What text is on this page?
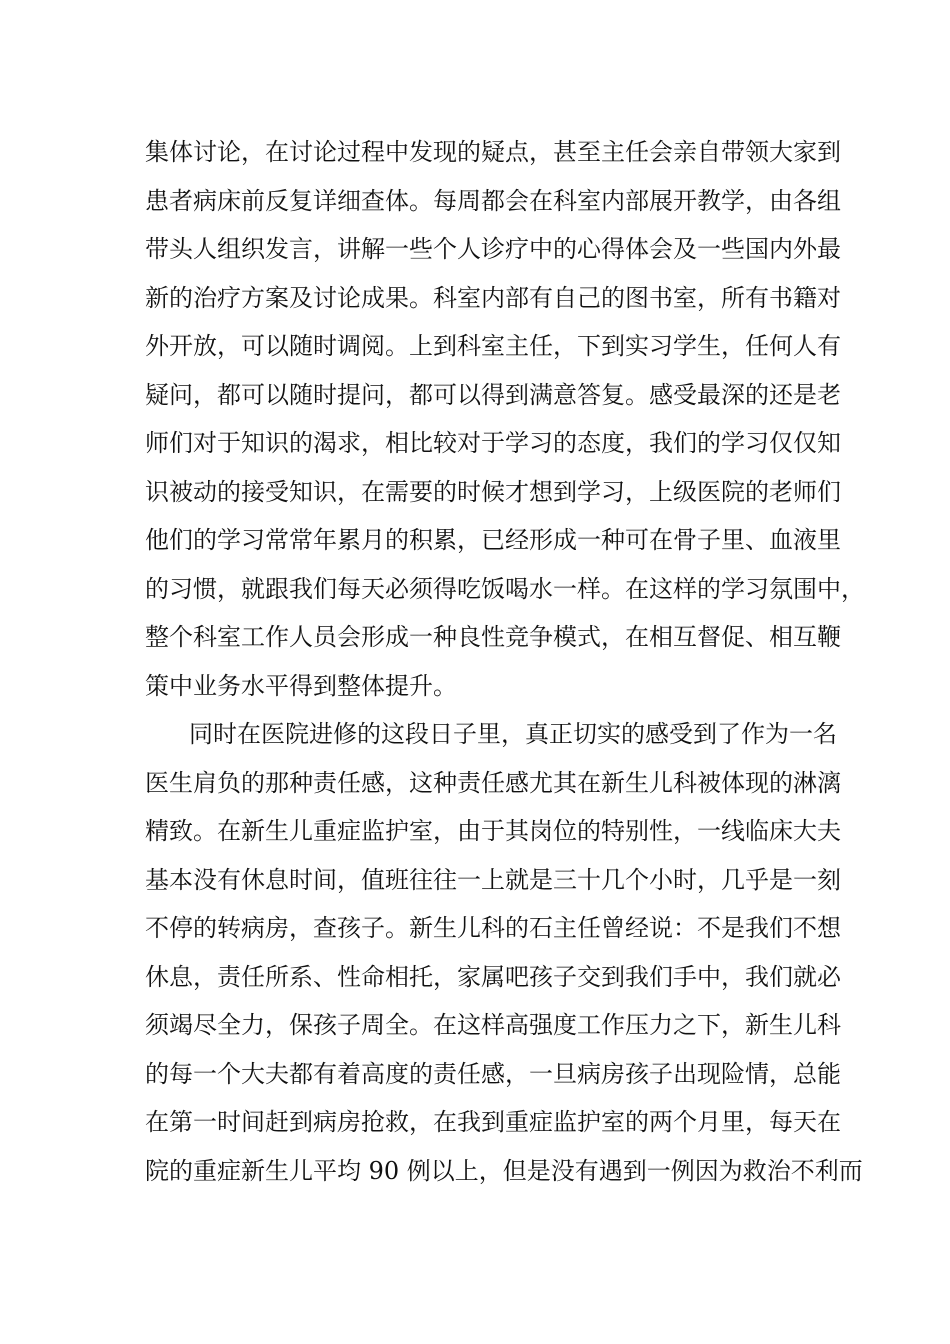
集体讨论，在讨论过程中发现的疑点，甚至主任会亲自带领大家到
患者病床前反复详细查体。每周都会在科室内部展开教学，由各组
带头人组织发言，讲解一些个人诊疗中的心得体会及一些国内外最
新的治疗方案及讨论成果。科室内部有自己的图书室，所有书籍对
外开放，可以随时调阅。上到科室主任，下到实习学生，任何人有
疑问，都可以随时提问，都可以得到满意答复。感受最深的还是老
师们对于知识的渴求，相比较对于学习的态度，我们的学习仅仅知
识被动的接受知识，在需要的时候才想到学习，上级医院的老师们
他们的学习常常年累月的积累，已经形成一种可在骨子里、血液里
的习惯，就跟我们每天必须得吃饭喝水一样。在这样的学习氛围中，
整个科室工作人员会形成一种良性竞争模式，在相互督促、相互鞭
策中业务水平得到整体提升。
同时在医院进修的这段日子里，真正切实的感受到了作为一名
医生肩负的那种责任感，这种责任感尤其在新生儿科被体现的淋漓
精致。在新生儿重症监护室，由于其岗位的特别性，一线临床大夫
基本没有休息时间，值班往往一上就是三十几个小时，几乎是一刻
不停的转病房，查孩子。新生儿科的石主任曾经说：不是我们不想
休息，责任所系、性命相托，家属吧孩子交到我们手中，我们就必
须竭尽全力，保孩子周全。在这样高强度工作压力之下，新生儿科
的每一个大夫都有着高度的责任感，一旦病房孩子出现险情，总能
在第一时间赶到病房抢救，在我到重症监护室的两个月里，每天在
院的重症新生儿平均 90 例以上，但是没有遇到一例因为救治不利而
